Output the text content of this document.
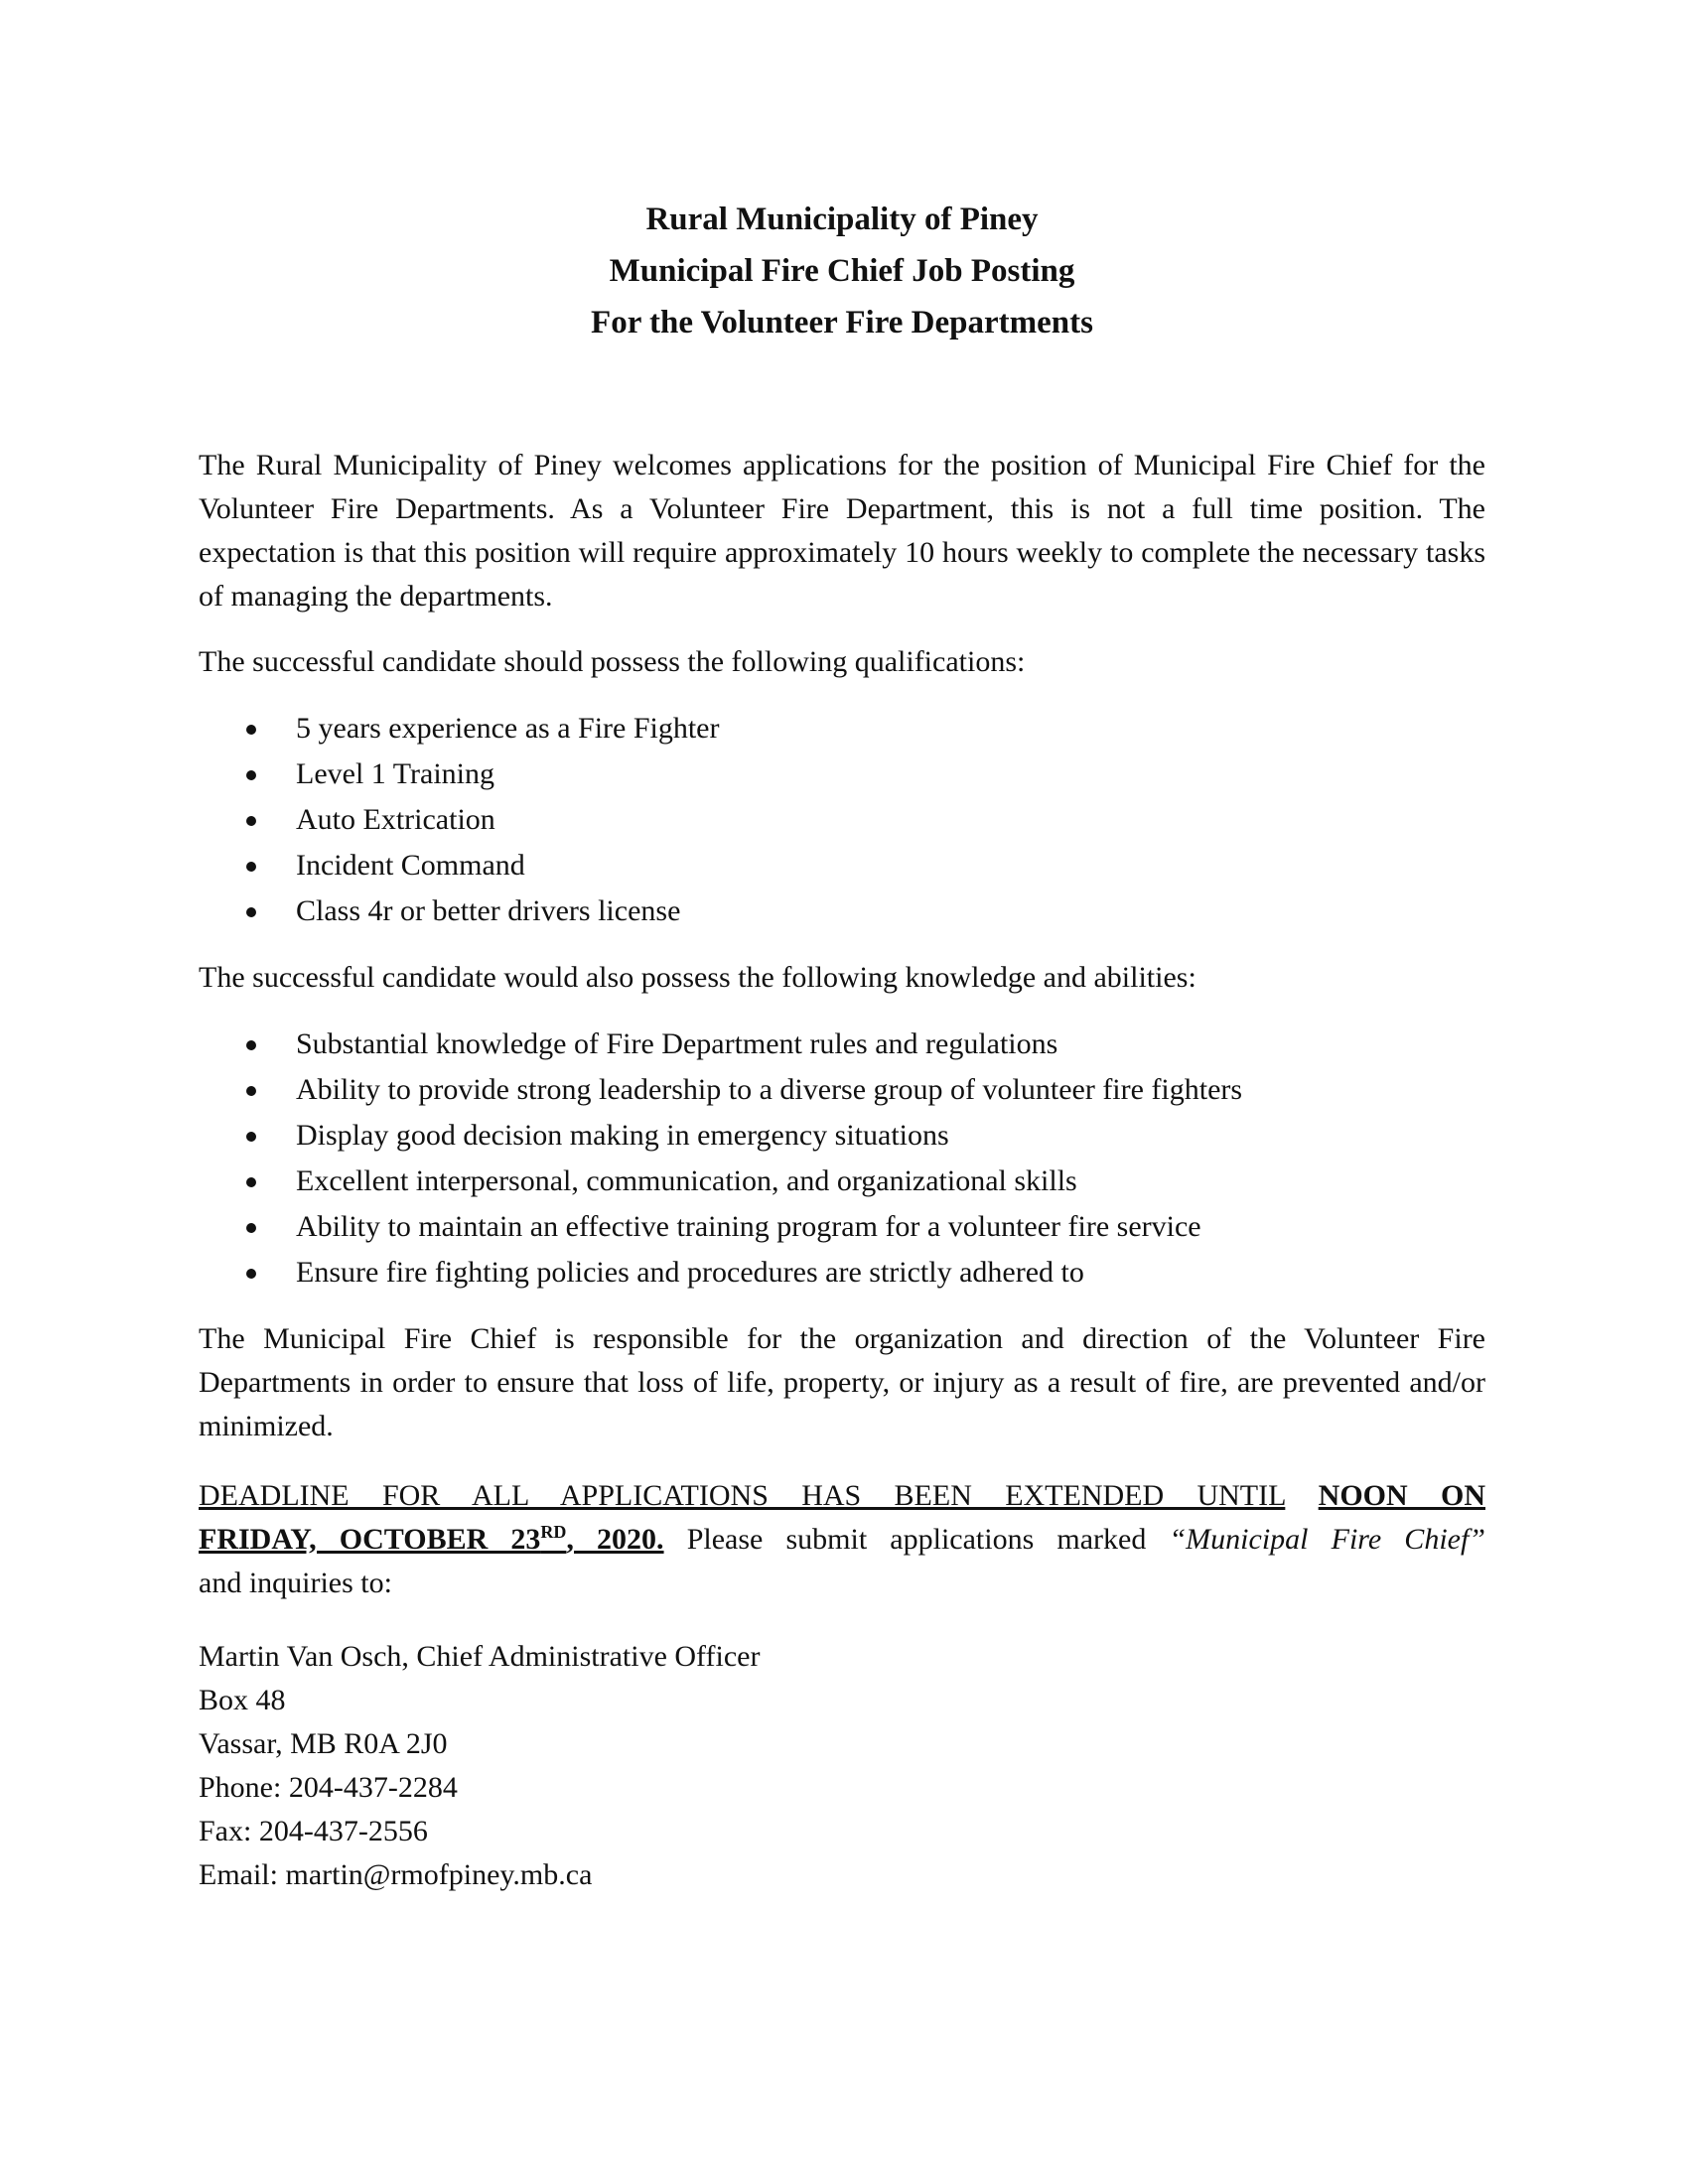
Rural Municipality of Piney
Municipal Fire Chief Job Posting
For the Volunteer Fire Departments

The Rural Municipality of Piney welcomes applications for the position of Municipal Fire Chief for the Volunteer Fire Departments. As a Volunteer Fire Department, this is not a full time position. The expectation is that this position will require approximately 10 hours weekly to complete the necessary tasks of managing the departments.

The successful candidate should possess the following qualifications:

5 years experience as a Fire Fighter
Level 1 Training
Auto Extrication
Incident Command
Class 4r or better drivers license

The successful candidate would also possess the following knowledge and abilities:

Substantial knowledge of Fire Department rules and regulations
Ability to provide strong leadership to a diverse group of volunteer fire fighters
Display good decision making in emergency situations
Excellent interpersonal, communication, and organizational skills
Ability to maintain an effective training program for a volunteer fire service
Ensure fire fighting policies and procedures are strictly adhered to

The Municipal Fire Chief is responsible for the organization and direction of the Volunteer Fire Departments in order to ensure that loss of life, property, or injury as a result of fire, are prevented and/or minimized.

DEADLINE FOR ALL APPLICATIONS HAS BEEN EXTENDED UNTIL NOON ON
FRIDAY, OCTOBER 23RD, 2020. Please submit applications marked “Municipal Fire Chief”
and inquiries to:
Martin Van Osch, Chief Administrative Officer
Box 48
Vassar, MB R0A 2J0
Phone: 204-437-2284
Fax: 204-437-2556
Email: martin@rmofpiney.mb.ca
